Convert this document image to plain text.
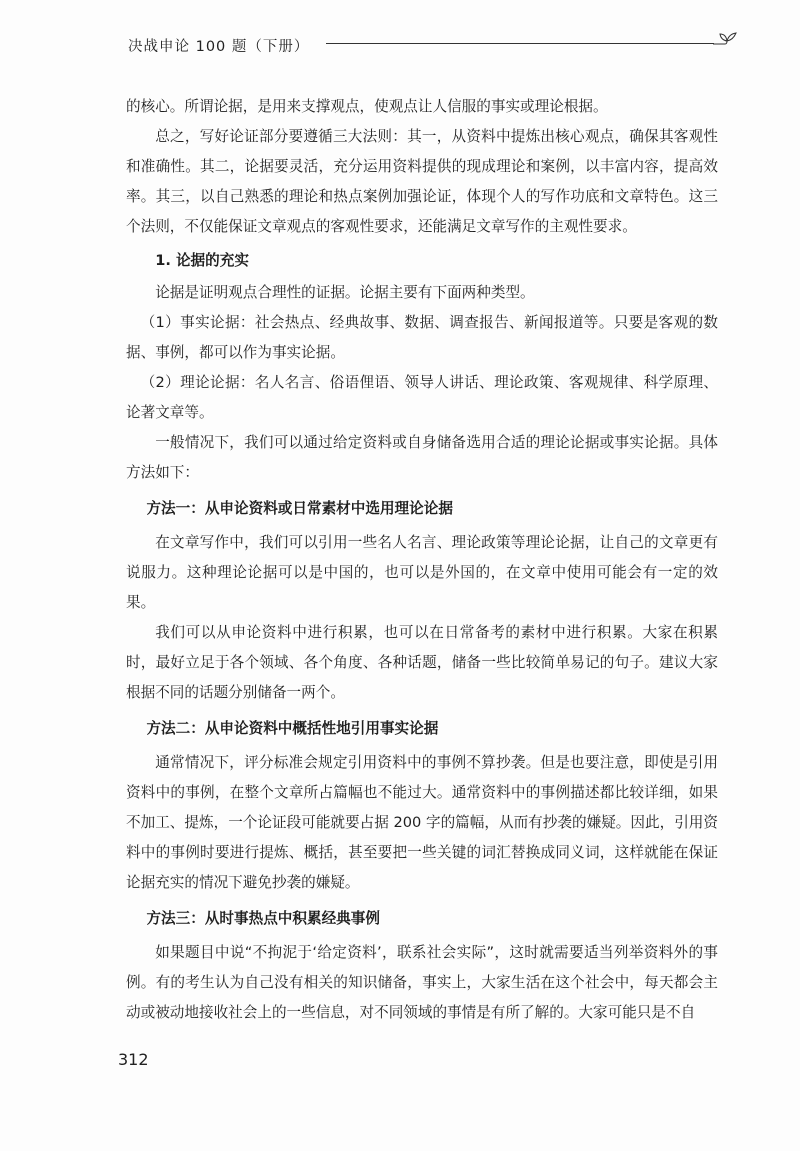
决战申论 100 题（下册）

的核心。所谓论据，是用来支撑观点，使观点让人信服的事实或理论根据。

总之，写好论证部分要遵循三大法则：其一，从资料中提炼出核心观点，确保其客观性和准确性。其二，论据要灵活，充分运用资料提供的现成理论和案例，以丰富内容，提高效率。其三，以自己熟悉的理论和热点案例加强论证，体现个人的写作功底和文章特色。这三个法则，不仅能保证文章观点的客观性要求，还能满足文章写作的主观性要求。

1. 论据的充实

论据是证明观点合理性的证据。论据主要有下面两种类型。

（1）事实论据：社会热点、经典故事、数据、调查报告、新闻报道等。只要是客观的数据、事例，都可以作为事实论据。

（2）理论论据：名人名言、俗语俚语、领导人讲话、理论政策、客观规律、科学原理、论著文章等。

一般情况下，我们可以通过给定资料或自身储备选用合适的理论论据或事实论据。具体方法如下：

方法一：从申论资料或日常素材中选用理论论据

在文章写作中，我们可以引用一些名人名言、理论政策等理论论据，让自己的文章更有说服力。这种理论论据可以是中国的，也可以是外国的，在文章中使用可能会有一定的效果。

我们可以从申论资料中进行积累，也可以在日常备考的素材中进行积累。大家在积累时，最好立足于各个领域、各个角度、各种话题，储备一些比较简单易记的句子。建议大家根据不同的话题分别储备一两个。

方法二：从申论资料中概括性地引用事实论据

通常情况下，评分标准会规定引用资料中的事例不算抄袭。但是也要注意，即使是引用资料中的事例，在整个文章所占篇幅也不能过大。通常资料中的事例描述都比较详细，如果不加工、提炼，一个论证段可能就要占据 200 字的篇幅，从而有抄袭的嫌疑。因此，引用资料中的事例时要进行提炼、概括，甚至要把一些关键的词汇替换成同义词，这样就能在保证论据充实的情况下避免抄袭的嫌疑。

方法三：从时事热点中积累经典事例

如果题目中说“不拘泥于‘给定资料’，联系社会实际”，这时就需要适当列举资料外的事例。有的考生认为自己没有相关的知识储备，事实上，大家生活在这个社会中，每天都会主动或被动地接收社会上的一些信息，对不同领域的事情是有所了解的。大家可能只是不自

312
